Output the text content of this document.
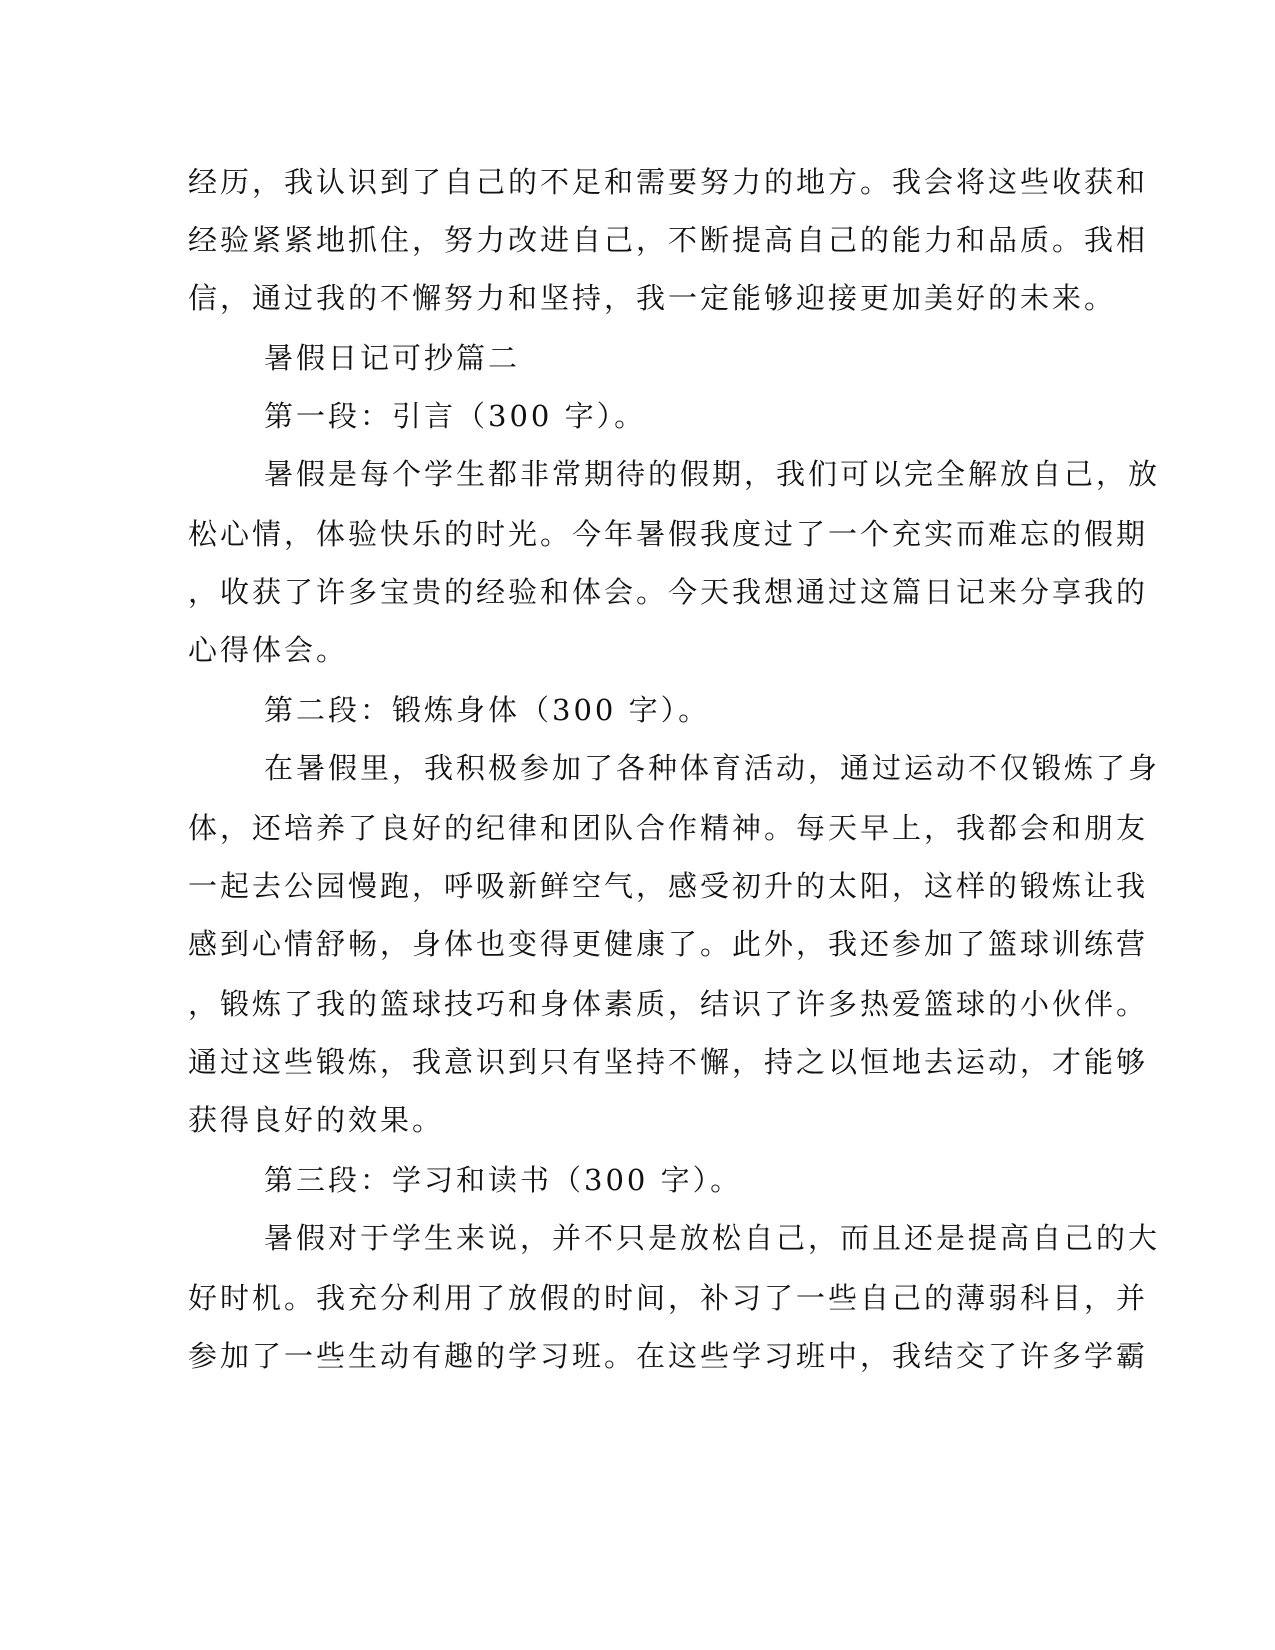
经历，我认识到了自己的不足和需要努力的地方。我会将这些收获和
经验紧紧地抓住，努力改进自己，不断提高自己的能力和品质。我相
信，通过我的不懈努力和坚持，我一定能够迎接更加美好的未来。
暑假日记可抄篇二
第一段：引言（300 字）。
暑假是每个学生都非常期待的假期，我们可以完全解放自己，放
松心情，体验快乐的时光。今年暑假我度过了一个充实而难忘的假期
，收获了许多宝贵的经验和体会。今天我想通过这篇日记来分享我的
心得体会。
第二段：锻炼身体（300 字）。
在暑假里，我积极参加了各种体育活动，通过运动不仅锻炼了身
体，还培养了良好的纪律和团队合作精神。每天早上，我都会和朋友
一起去公园慢跑，呼吸新鲜空气，感受初升的太阳，这样的锻炼让我
感到心情舒畅，身体也变得更健康了。此外，我还参加了篮球训练营
，锻炼了我的篮球技巧和身体素质，结识了许多热爱篮球的小伙伴。
通过这些锻炼，我意识到只有坚持不懈，持之以恒地去运动，才能够
获得良好的效果。
第三段：学习和读书（300 字）。
暑假对于学生来说，并不只是放松自己，而且还是提高自己的大
好时机。我充分利用了放假的时间，补习了一些自己的薄弱科目，并
参加了一些生动有趣的学习班。在这些学习班中，我结交了许多学霸
